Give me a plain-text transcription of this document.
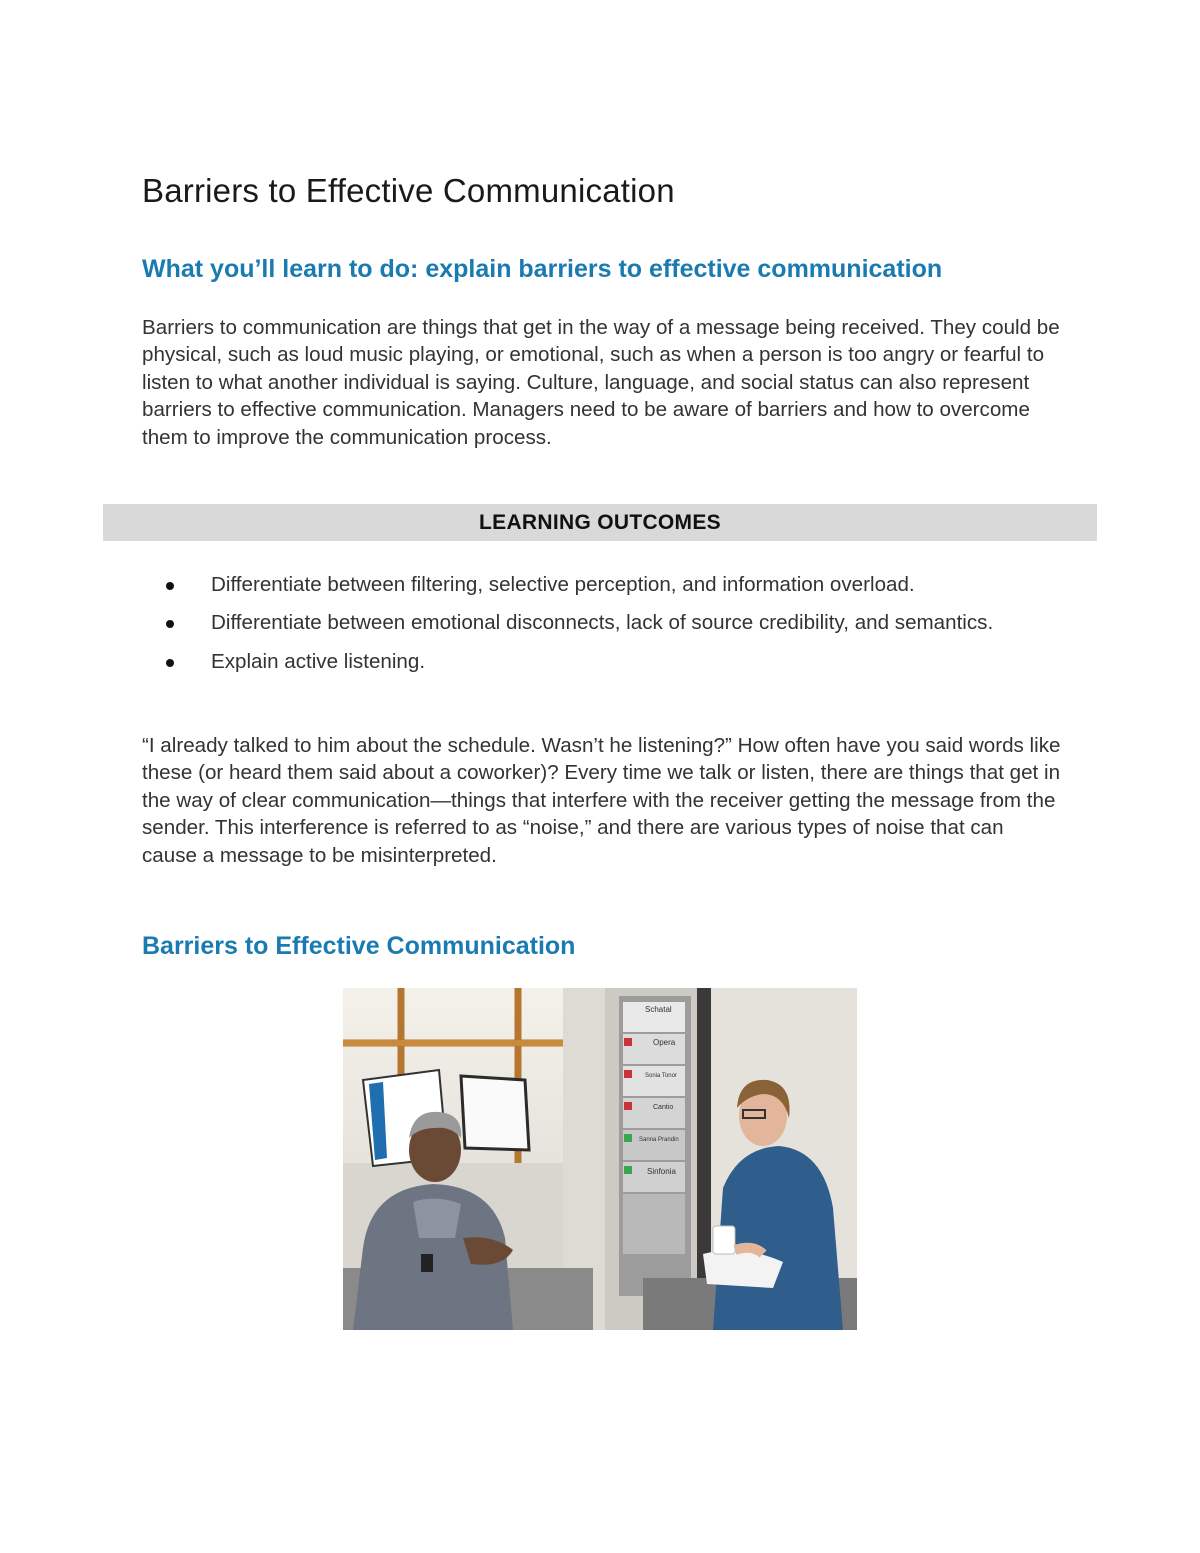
Barriers to Effective Communication
What you’ll learn to do: explain barriers to effective communication

Barriers to communication are things that get in the way of a message being received. They could be physical, such as loud music playing, or emotional, such as when a person is too angry or fearful to listen to what another individual is saying. Culture, language, and social status can also represent barriers to effective communication. Managers need to be aware of barriers and how to overcome them to improve the communication process.

LEARNING OUTCOMES
Differentiate between filtering, selective perception, and information overload.
Differentiate between emotional disconnects, lack of source credibility, and semantics.
Explain active listening.

“I already talked to him about the schedule. Wasn’t he listening?” How often have you said words like these (or heard them said about a coworker)? Every time we talk or listen, there are things that get in the way of clear communication—things that interfere with the receiver getting the message from the sender. This interference is referred to as “noise,” and there are various types of noise that can cause a message to be misinterpreted.

Barriers to Effective Communication
Schatal
Opera
Sonia Tonor
Cantio
Sanna Prandin
Sinfonia
